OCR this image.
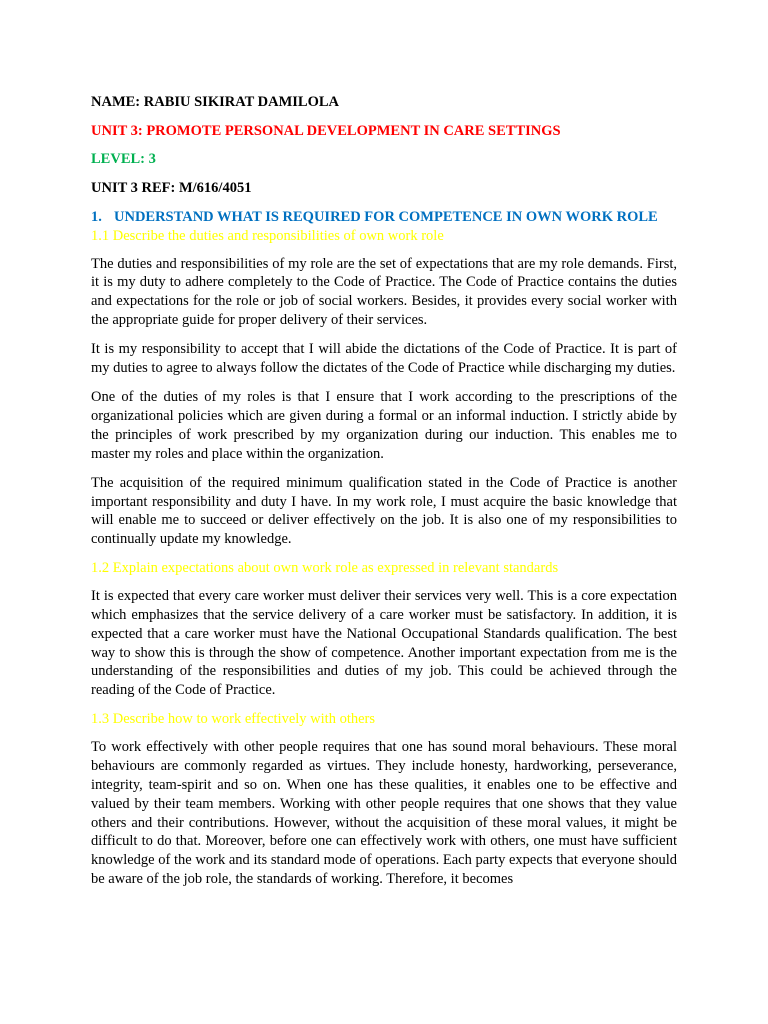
NAME: RABIU SIKIRAT DAMILOLA

UNIT 3: PROMOTE PERSONAL DEVELOPMENT IN CARE SETTINGS

LEVEL: 3

UNIT 3 REF: M/616/4051

1. UNDERSTAND WHAT IS REQUIRED FOR COMPETENCE IN OWN WORK ROLE

1.1 Describe the duties and responsibilities of own work role

The duties and responsibilities of my role are the set of expectations that are my role demands. First, it is my duty to adhere completely to the Code of Practice. The Code of Practice contains the duties and expectations for the role or job of social workers. Besides, it provides every social worker with the appropriate guide for proper delivery of their services.

It is my responsibility to accept that I will abide the dictations of the Code of Practice. It is part of my duties to agree to always follow the dictates of the Code of Practice while discharging my duties.

One of the duties of my roles is that I ensure that I work according to the prescriptions of the organizational policies which are given during a formal or an informal induction. I strictly abide by the principles of work prescribed by my organization during our induction. This enables me to master my roles and place within the organization.

The acquisition of the required minimum qualification stated in the Code of Practice is another important responsibility and duty I have. In my work role, I must acquire the basic knowledge that will enable me to succeed or deliver effectively on the job. It is also one of my responsibilities to continually update my knowledge.

1.2 Explain expectations about own work role as expressed in relevant standards

It is expected that every care worker must deliver their services very well. This is a core expectation which emphasizes that the service delivery of a care worker must be satisfactory. In addition, it is expected that a care worker must have the National Occupational Standards qualification. The best way to show this is through the show of competence. Another important expectation from me is the understanding of the responsibilities and duties of my job. This could be achieved through the reading of the Code of Practice.

1.3 Describe how to work effectively with others

To work effectively with other people requires that one has sound moral behaviours. These moral behaviours are commonly regarded as virtues. They include honesty, hardworking, perseverance, integrity, team-spirit and so on. When one has these qualities, it enables one to be effective and valued by their team members. Working with other people requires that one shows that they value others and their contributions. However, without the acquisition of these moral values, it might be difficult to do that. Moreover, before one can effectively work with others, one must have sufficient knowledge of the work and its standard mode of operations. Each party expects that everyone should be aware of the job role, the standards of working. Therefore, it becomes
